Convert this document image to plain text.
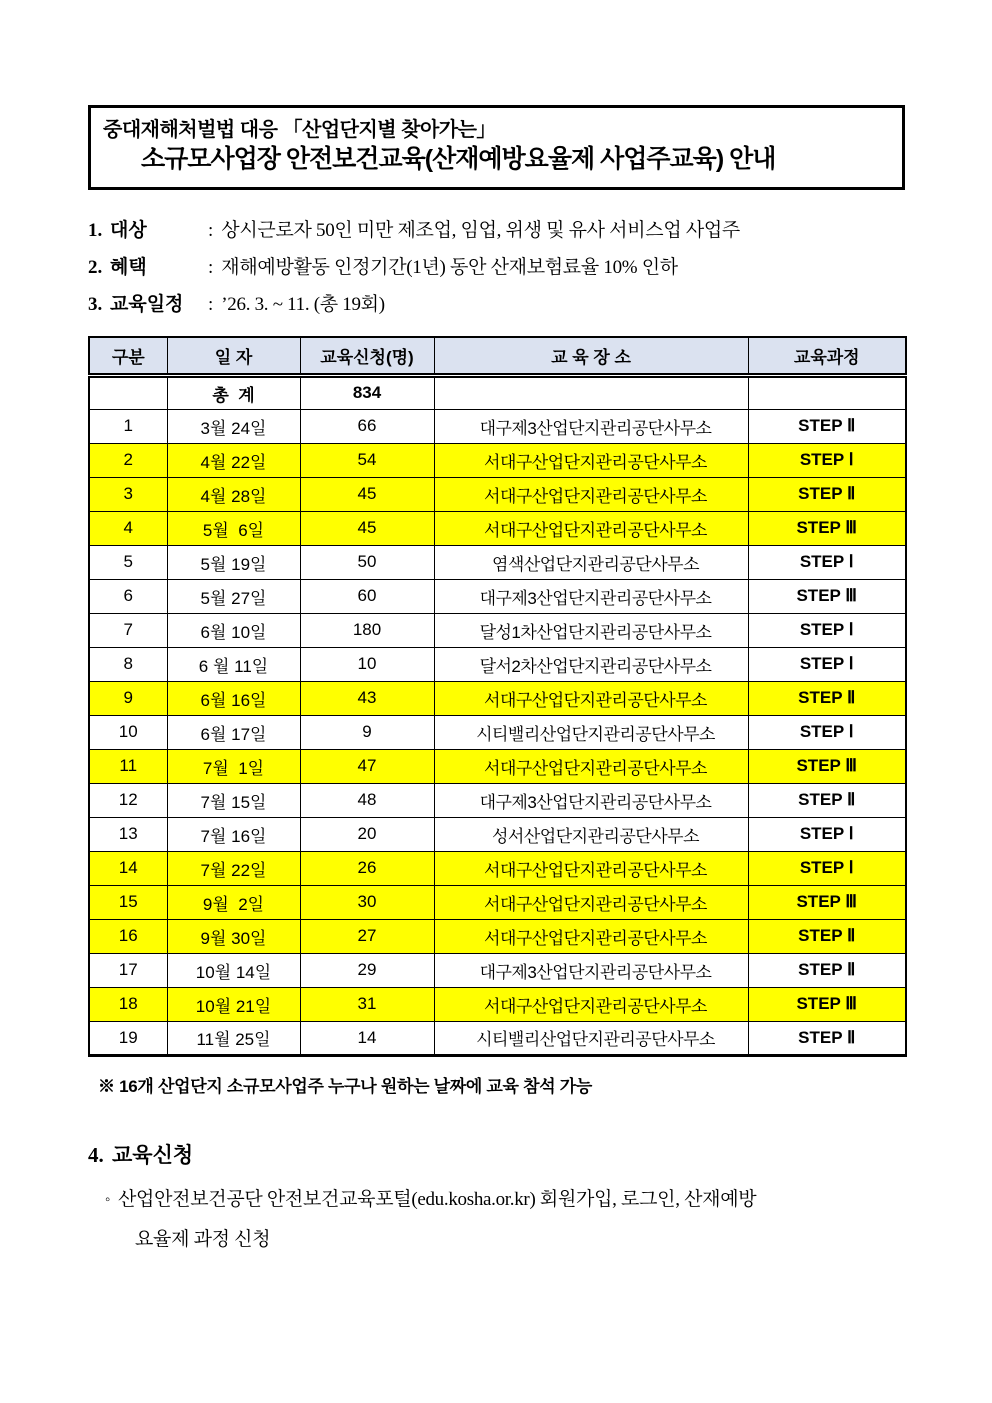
중대재해처벌법 대응 「산업단지별 찾아가는」
소규모사업장 안전보건교육(산재예방요율제 사업주교육) 안내
1. 대상	: 상시근로자 50인 미만 제조업, 임업, 위생 및 유사 서비스업 사업주
2. 혜택	: 재해예방활동 인정기간(1년) 동안 산재보험료율 10% 인하
3. 교육일정 : ’26. 3. ~ 11. (총 19회)
구분	일 자	교육신청(명)	교 육 장 소	교육과정
	총  계	834		
1	3월 24일	66	대구제3산업단지관리공단사무소	STEP Ⅱ
2	4월 22일	54	서대구산업단지관리공단사무소	STEP Ⅰ
3	4월 28일	45	서대구산업단지관리공단사무소	STEP Ⅱ
4	5월  6일	45	서대구산업단지관리공단사무소	STEP Ⅲ
5	5월 19일	50	염색산업단지관리공단사무소	STEP Ⅰ
6	5월 27일	60	대구제3산업단지관리공단사무소	STEP Ⅲ
7	6월 10일	180	달성1차산업단지관리공단사무소	STEP Ⅰ
8	6 월 11일	10	달서2차산업단지관리공단사무소	STEP Ⅰ
9	6월 16일	43	서대구산업단지관리공단사무소	STEP Ⅱ
10	6월 17일	9	시티밸리산업단지관리공단사무소	STEP Ⅰ
11	7월  1일	47	서대구산업단지관리공단사무소	STEP Ⅲ
12	7월 15일	48	대구제3산업단지관리공단사무소	STEP Ⅱ
13	7월 16일	20	성서산업단지관리공단사무소	STEP Ⅰ
14	7월 22일	26	서대구산업단지관리공단사무소	STEP Ⅰ
15	9월  2일	30	서대구산업단지관리공단사무소	STEP Ⅲ
16	9월 30일	27	서대구산업단지관리공단사무소	STEP Ⅱ
17	10월 14일	29	대구제3산업단지관리공단사무소	STEP Ⅱ
18	10월 21일	31	서대구산업단지관리공단사무소	STEP Ⅲ
19	11월 25일	14	시티밸리산업단지관리공단사무소	STEP Ⅱ
※ 16개 산업단지 소규모사업주 누구나 원하는 날짜에 교육 참석 가능
4. 교육신청
◦ 산업안전보건공단 안전보건교육포털(edu.kosha.or.kr) 회원가입, 로그인, 산재예방
요율제 과정 신청
